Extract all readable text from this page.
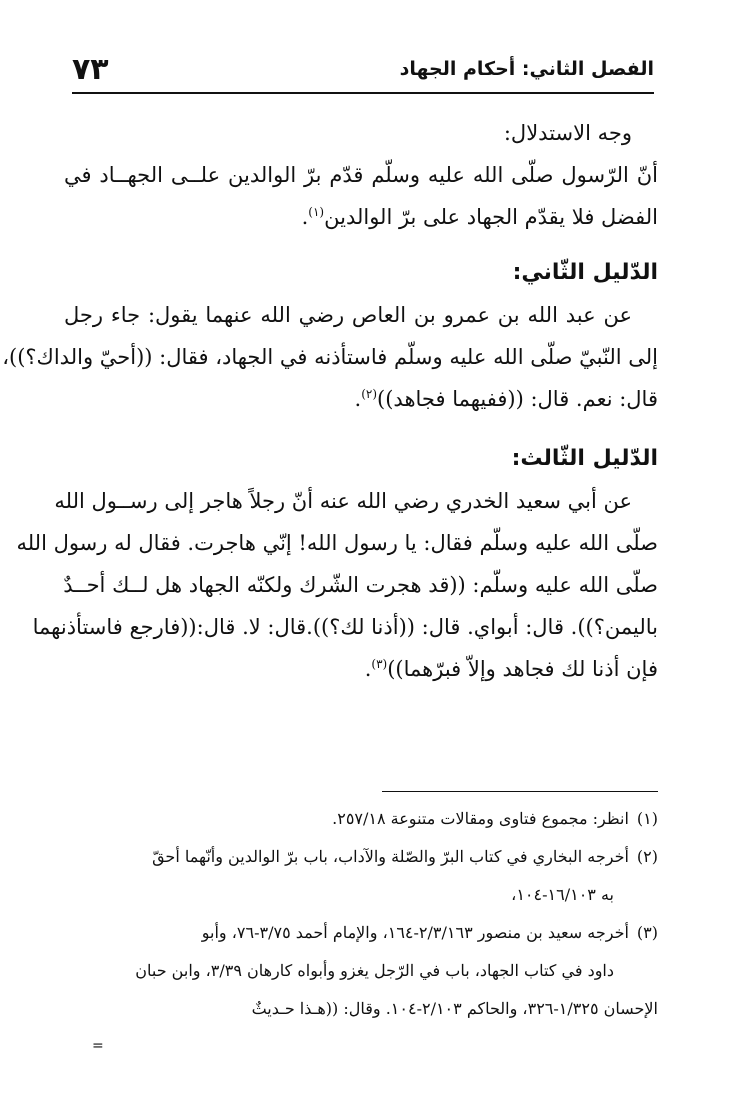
الفصل الثاني: أحكام الجهاد
٧٣
وجه الاستدلال:
أنّ الرّسول صلّى الله عليه وسلّم قدّم برّ الوالدين علــى الجهــاد في
الفضل فلا يقدّم الجهاد على برّ الوالدين$^{(١)}$.
الدّليل الثّاني:
عن عبد الله بن عمرو بن العاص رضي الله عنهما يقول: جاء رجل
إلى النّبيّ صلّى الله عليه وسلّم فاستأذنه في الجهاد، فقال: ((أحيّ والداك؟))،
قال: نعم. قال: ((ففيهما فجاهد))$^{(٢)}$.
الدّليل الثّالث:
عن أبي سعيد الخدري رضي الله عنه أنّ رجلاً هاجر إلى رســول الله
صلّى الله عليه وسلّم فقال: يا رسول الله! إنّي هاجرت. فقال له رسول الله
صلّى الله عليه وسلّم: ((قد هجرت الشّرك ولكنّه الجهاد هل لــك أحــدٌ
باليمن؟)). قال: أبواي. قال: ((أذنا لك؟)).قال: لا. قال:((فارجع فاستأذنهما
فإن أذنا لك فجاهد وإلاّ فبرّهما))$^{(٣)}$.
(١)انظر: مجموع فتاوى ومقالات متنوعة ٢٥٧/١٨.
(٢)أخرجه البخاري في كتاب البرّ والصّلة والآداب، باب برّ الوالدين وأنّهما أحقّ
به ١٦/١٠٣-١٠٤،
(٣)أخرجه سعيد بن منصور ٢/٣/١٦٣-١٦٤، والإمام أحمد ٣/٧٥-٧٦، وأبو
داود في كتاب الجهاد، باب في الرّجل يغزو وأبواه كارهان ٣/٣٩، وابن حبان
الإحسان ١/٣٢٥-٣٢٦، والحاكم ٢/١٠٣-١٠٤. وقال: ((هـذا حـديثٌ
=
